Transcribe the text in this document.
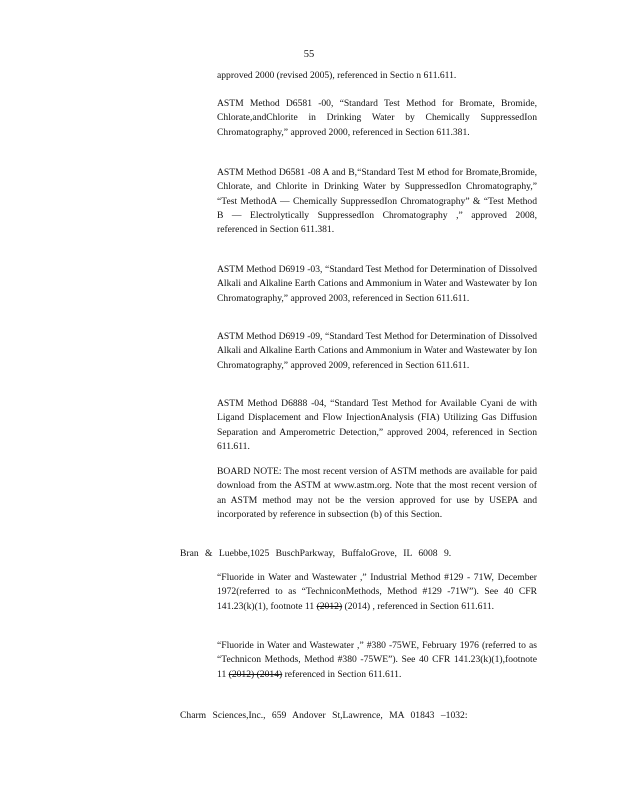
55

approved 2000 (revised 2005), referenced in Sectio n 611.611.

ASTM Method D6581 -00, “Standard Test Method for Bromate, Bromide, Chlorate,andChlorite in Drinking Water by Chemically SuppressedIon Chromatography,” approved 2000, referenced in Section 611.381.

ASTM Method D6581 -08 A and B,“Standard Test M ethod for Bromate,Bromide, Chlorate, and Chlorite in Drinking Water by SuppressedIon Chromatography,” “Test MethodA — Chemically SuppressedIon Chromatography” & “Test Method B — Electrolytically SuppressedIon Chromatography ,” approved 2008, referenced in Section 611.381.

ASTM Method D6919 -03, “Standard Test Method for Determination of Dissolved Alkali and Alkaline Earth Cations and Ammonium in Water and Wastewater by Ion Chromatography,” approved 2003, referenced in Section 611.611.

ASTM Method D6919 -09, “Standard Test Method for Determination of Dissolved Alkali and Alkaline Earth Cations and Ammonium in Water and Wastewater by Ion Chromatography,” approved 2009, referenced in Section 611.611.

ASTM Method D6888 -04, “Standard Test Method for Available Cyani de with Ligand Displacement and Flow InjectionAnalysis (FIA) Utilizing Gas Diffusion Separation and Amperometric Detection,” approved 2004, referenced in Section 611.611.

BOARD NOTE: The most recent version of ASTM methods are available for paid download from the ASTM at www.astm.org. Note that the most recent version of an ASTM method may not be the version approved for use by USEPA and incorporated by reference in subsection (b) of this Section.

Bran & Luebbe,1025 BuschParkway, BuffaloGrove, IL 6008 9.

“Fluoride in Water and Wastewater ,” Industrial Method #129 - 71W, December 1972(referred to as “TechniconMethods, Method #129 -71W”). See 40 CFR 141.23(k)(1), footnote 11 (2012) (2014) , referenced in Section 611.611.

“Fluoride in Water and Wastewater ,” #380 -75WE, February 1976 (referred to as “Technicon Methods, Method #380 -75WE”). See 40 CFR 141.23(k)(1),footnote 11 (2012) (2014) referenced in Section 611.611.

Charm Sciences,Inc., 659 Andover St,Lawrence, MA 01843 –1032:
